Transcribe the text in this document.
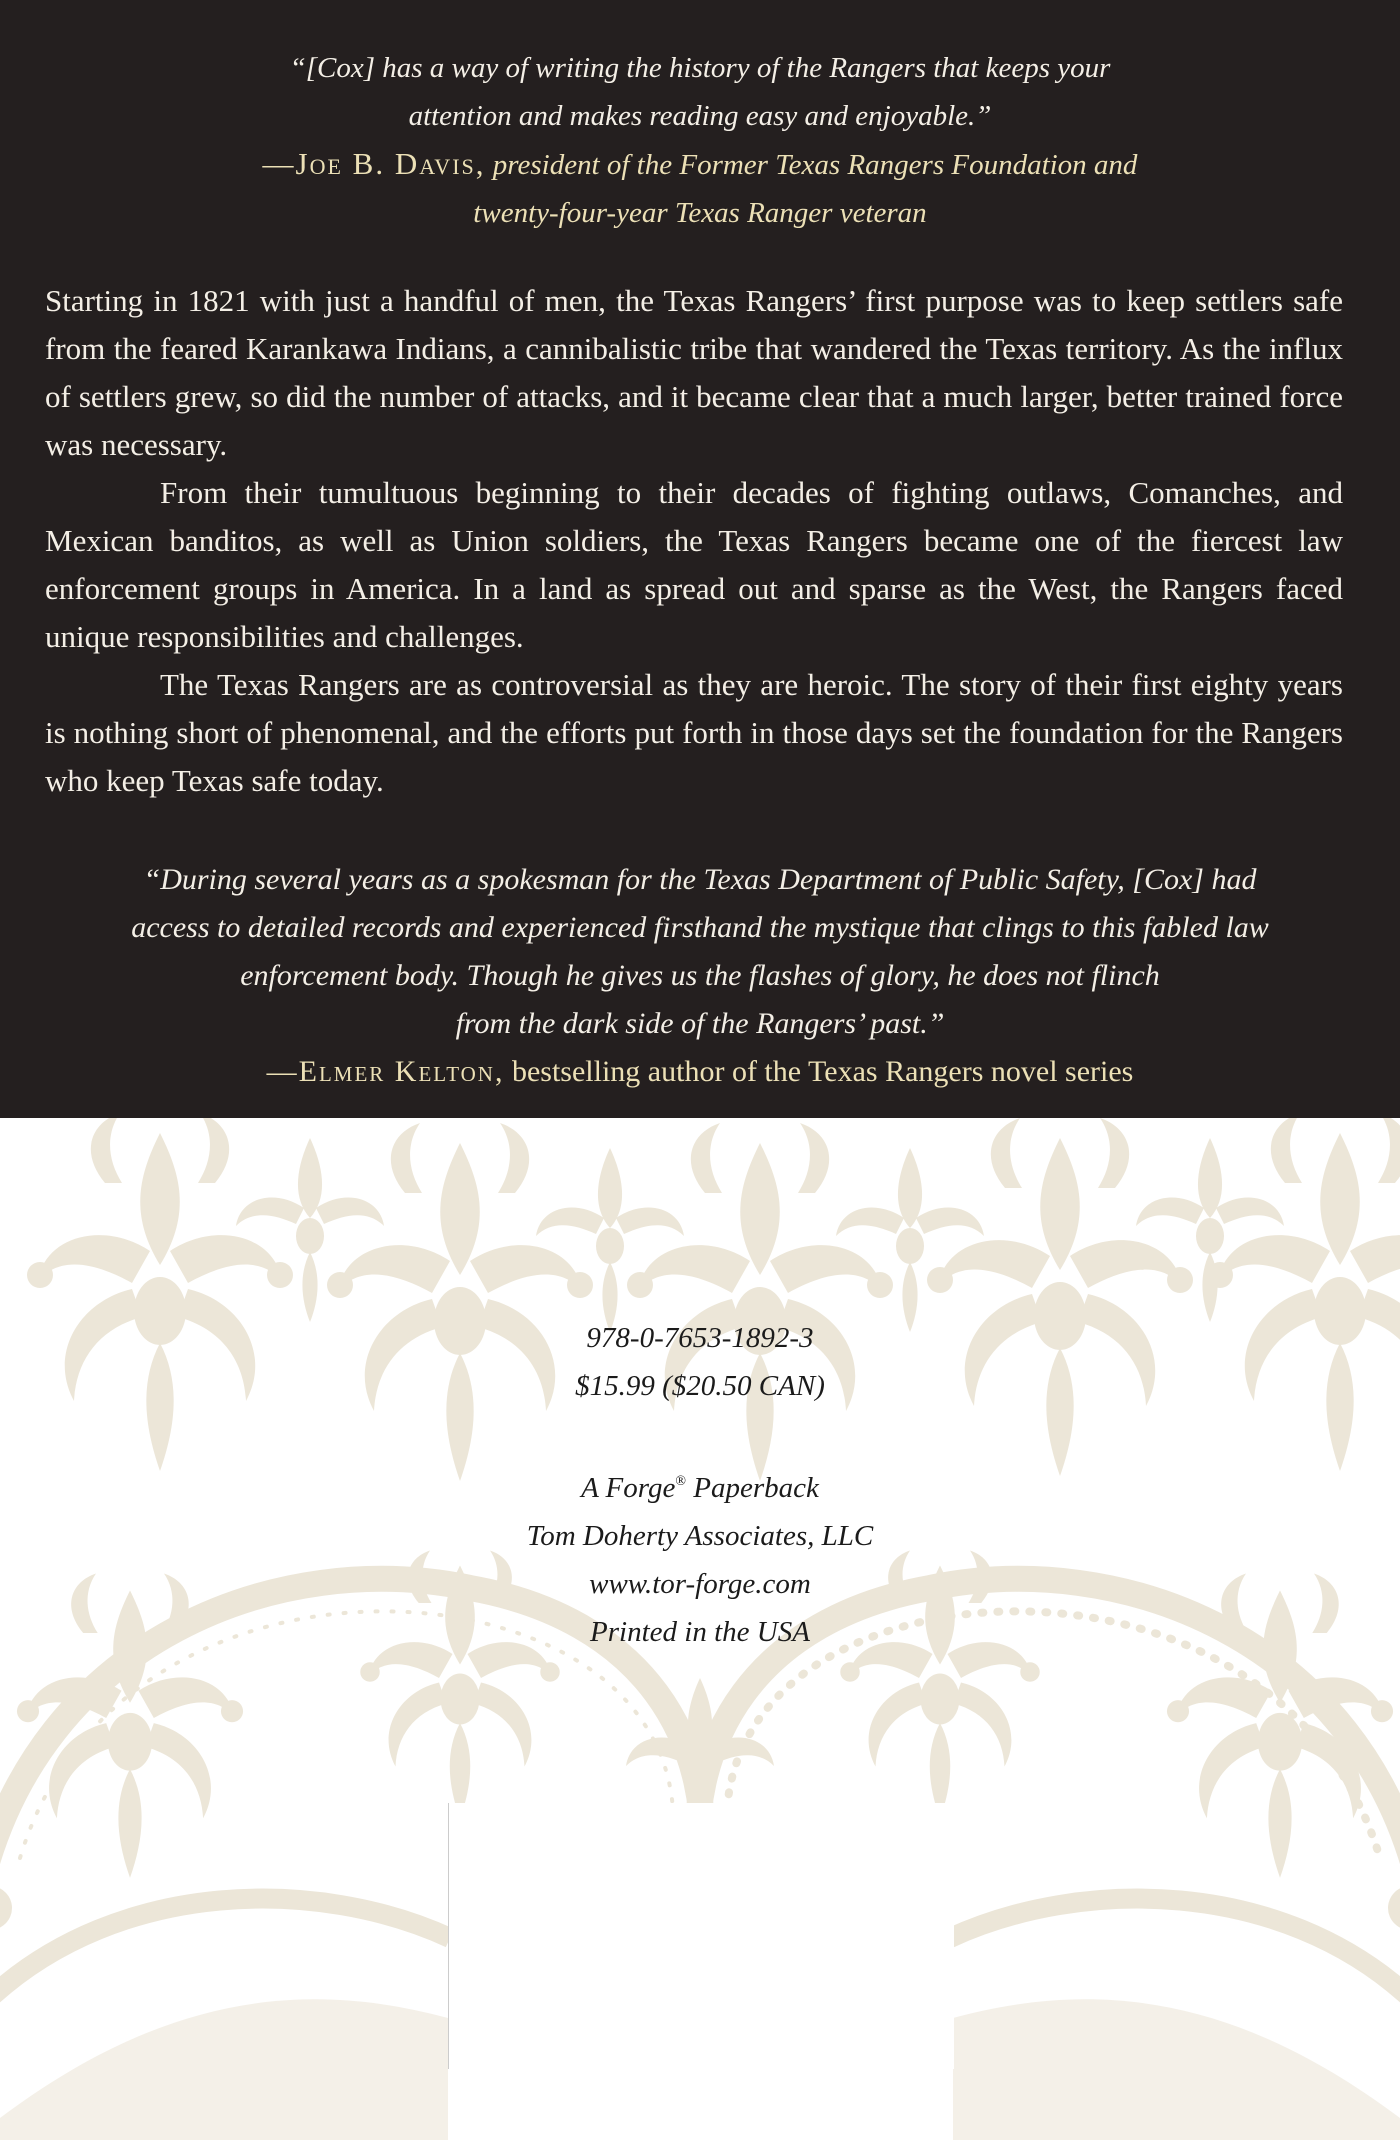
“[Cox] has a way of writing the history of the Rangers that keeps your
attention and makes reading easy and enjoyable.”
—Joe B. Davis, president of the Former Texas Rangers Foundation and
twenty-four-year Texas Ranger veteran

Starting in 1821 with just a handful of men, the Texas Rangers’ first purpose was to keep settlers safe from the feared Karankawa Indians, a cannibalistic tribe that wandered the Texas territory. As the influx of settlers grew, so did the number of attacks, and it became clear that a much larger, better trained force was necessary.

From their tumultuous beginning to their decades of fighting outlaws, Comanches, and Mexican banditos, as well as Union soldiers, the Texas Rangers became one of the fiercest law enforcement groups in America. In a land as spread out and sparse as the West, the Rangers faced unique responsibilities and challenges.

The Texas Rangers are as controversial as they are heroic. The story of their first eighty years is nothing short of phenomenal, and the efforts put forth in those days set the foundation for the Rangers who keep Texas safe today.

“During several years as a spokesman for the Texas Department of Public Safety, [Cox] had
access to detailed records and experienced firsthand the mystique that clings to this fabled law
enforcement body. Though he gives us the flashes of glory, he does not flinch
from the dark side of the Rangers’ past.”
—Elmer Kelton, bestselling author of the Texas Rangers novel series
978-0-7653-1892-3
$15.99 ($20.50 CAN)
A Forge® Paperback
Tom Doherty Associates, LLC
www.tor-forge.com
Printed in the USA
